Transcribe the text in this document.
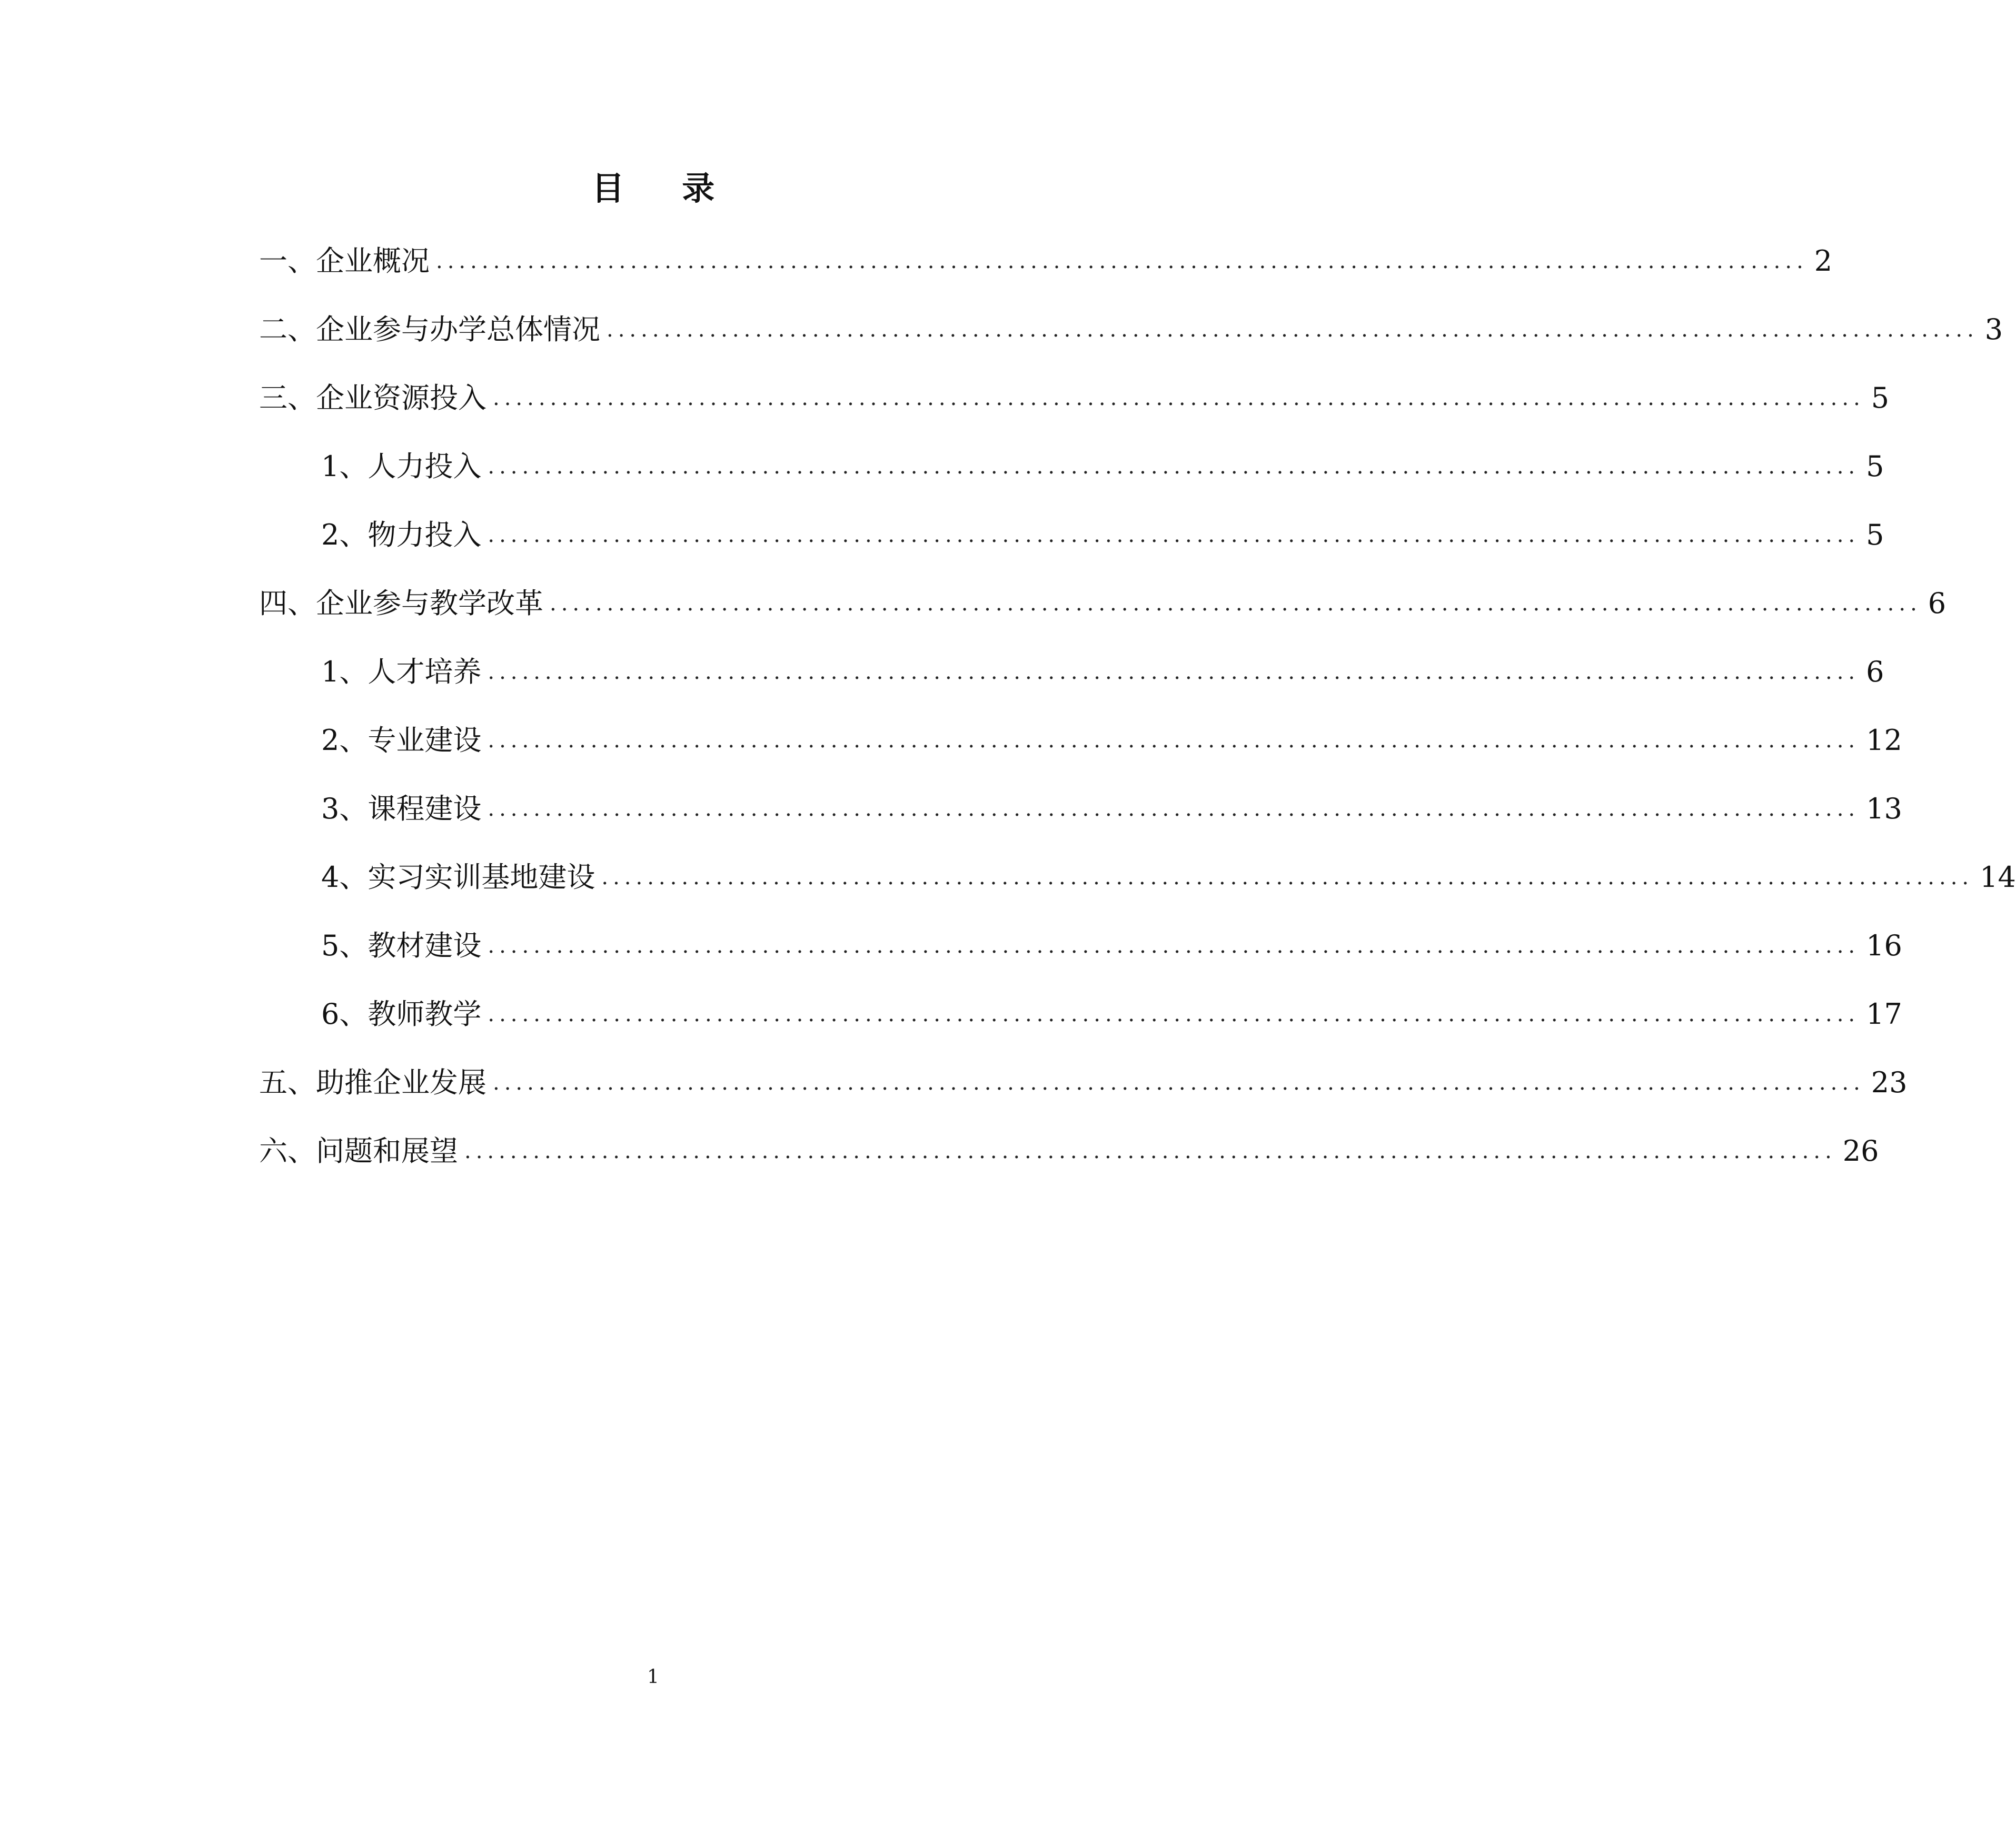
目 录
一、企业概况 ........................................................................................................................ 2
二、企业参与办学总体情况 ........................................................................................................................ 3
三、企业资源投入 ........................................................................................................................ 5
1、人力投入 ........................................................................................................................ 5
2、物力投入 ........................................................................................................................ 5
四、企业参与教学改革 ........................................................................................................................ 6
1、人才培养 ........................................................................................................................ 6
2、专业建设 ........................................................................................................................ 12
3、课程建设 ........................................................................................................................ 13
4、实习实训基地建设 ........................................................................................................................ 14
5、教材建设 ........................................................................................................................ 16
6、教师教学 ........................................................................................................................ 17
五、助推企业发展 ........................................................................................................................ 23
六、问题和展望 ........................................................................................................................ 26
1
